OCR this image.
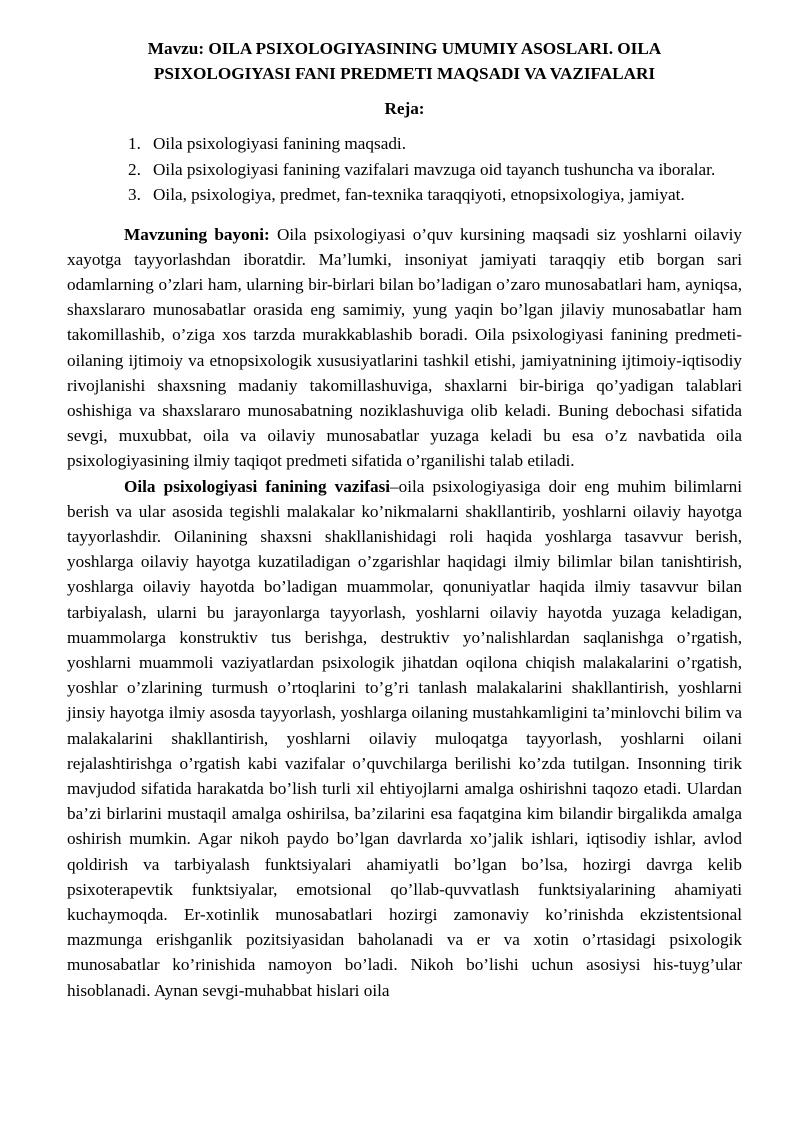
Mavzu: OILA PSIXOLOGIYASINING UMUMIY ASOSLARI. OILA
PSIXOLOGIYASI FANI PREDMETI MAQSADI VA VAZIFALARI

Reja:

1. Oila psixologiyasi fanining maqsadi.
2. Oila psixologiyasi fanining vazifalari mavzuga oid tayanch tushuncha va iboralar.
3. Oila, psixologiya, predmet, fan-texnika taraqqiyoti, etnopsixologiya, jamiyat.

Mavzuning bayoni: Oila psixologiyasi o’quv kursining maqsadi siz yoshlarni oilaviy xayotga tayyorlashdan iboratdir. Ma’lumki, insoniyat jamiyati taraqqiy etib borgan sari odamlarning o’zlari ham, ularning bir-birlari bilan bo’ladigan o’zaro munosabatlari ham, ayniqsa, shaxslararo munosabatlar orasida eng samimiy, yung yaqin bo’lgan jilaviy munosabatlar ham takomillashib, o’ziga xos tarzda murakkablashib boradi. Oila psixologiyasi fanining predmeti-oilaning ijtimoiy va etnopsixologik xususiyatlarini tashkil etishi, jamiyatnining ijtimoiy-iqtisodiy rivojlanishi shaxsning madaniy takomillashuviga, shaxlarni bir-biriga qo’yadigan talablari oshishiga va shaxslararo munosabatning noziklashuviga olib keladi. Buning debochasi sifatida sevgi, muxubbat, oila va oilaviy munosabatlar yuzaga keladi bu esa o’z navbatida oila psixologiyasining ilmiy taqiqot predmeti sifatida o’rganilishi talab etiladi.

Oila psixologiyasi fanining vazifasi–oila psixologiyasiga doir eng muhim bilimlarni berish va ular asosida tegishli malakalar ko’nikmalarni shakllantirib, yoshlarni oilaviy hayotga tayyorlashdir. Oilanining shaxsni shakllanishidagi roli haqida yoshlarga tasavvur berish, yoshlarga oilaviy hayotga kuzatiladigan o’zgarishlar haqidagi ilmiy bilimlar bilan tanishtirish, yoshlarga oilaviy hayotda bo’ladigan muammolar, qonuniyatlar haqida ilmiy tasavvur bilan tarbiyalash, ularni bu jarayonlarga tayyorlash, yoshlarni oilaviy hayotda yuzaga keladigan, muammolarga konstruktiv tus berishga, destruktiv yo’nalishlardan saqlanishga o’rgatish, yoshlarni muammoli vaziyatlardan psixologik jihatdan oqilona chiqish malakalarini o’rgatish, yoshlar o’zlarining turmush o’rtoqlarini to’g’ri tanlash malakalarini shakllantirish, yoshlarni jinsiy hayotga ilmiy asosda tayyorlash, yoshlarga oilaning mustahkamligini ta’minlovchi bilim va malakalarini shakllantirish, yoshlarni oilaviy muloqatga tayyorlash, yoshlarni oilani rejalashtirishga o’rgatish kabi vazifalar o’quvchilarga berilishi ko’zda tutilgan. Insonning tirik mavjudod sifatida harakatda bo’lish turli xil ehtiyojlarni amalga oshirishni taqozo etadi. Ulardan ba’zi birlarini mustaqil amalga oshirilsa, ba’zilarini esa faqatgina kim bilandir birgalikda amalga oshirish mumkin. Agar nikoh paydo bo’lgan davrlarda xo’jalik ishlari, iqtisodiy ishlar, avlod qoldirish va tarbiyalash funktsiyalari ahamiyatli bo’lgan bo’lsa, hozirgi davrga kelib psixoterapevtik funktsiyalar, emotsional qo’llab-quvvatlash funktsiyalarining ahamiyati kuchaymoqda. Er-xotinlik munosabatlari hozirgi zamonaviy ko’rinishda ekzistentsional mazmunga erishganlik pozitsiyasidan baholanadi va er va xotin o’rtasidagi psixologik munosabatlar ko’rinishida namoyon bo’ladi. Nikoh bo’lishi uchun asosiysi his-tuyg’ular hisoblanadi. Aynan sevgi-muhabbat hislari oila
